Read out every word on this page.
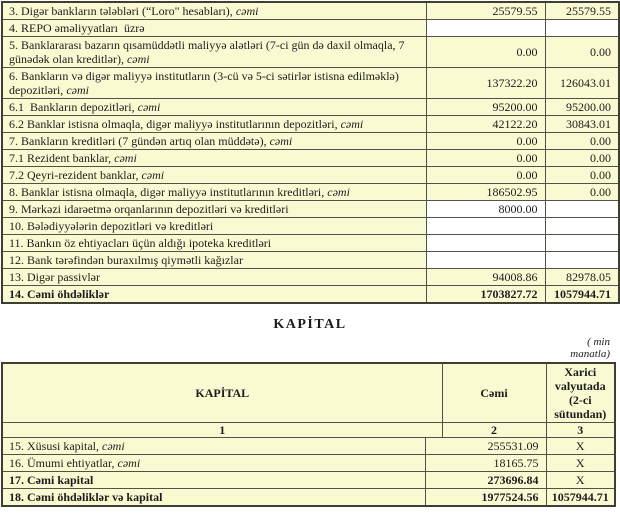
3. Digər bankların tələbləri (“Loro" hesabları), cəmi	25579.55	25579.55
4. REPO əməliyyatları  üzrə		
5. Banklararası bazarın qısamüddətli maliyyə alətləri (7-ci gün də daxil olmaqla, 7 günədək olan kreditlər), cəmi	0.00	0.00
6. Bankların və digər maliyyə institutların (3-cü və 5-ci sətirlər istisna edilməklə) depozitləri, cəmi	137322.20	126043.01
6.1  Bankların depozitləri, cəmi	95200.00	95200.00
6.2 Banklar istisna olmaqla, digər maliyyə institutlarının depozitləri, cəmi	42122.20	30843.01
7. Bankların kreditləri (7 gündən artıq olan müddətə), cəmi	0.00	0.00
7.1 Rezident banklar, cəmi	0.00	0.00
7.2 Qeyri-rezident banklar, cəmi	0.00	0.00
8. Banklar istisna olmaqla, digər maliyyə institutlarının kreditləri, cəmi	186502.95	0.00
9. Mərkəzi idarəetmə orqanlarının depozitləri və kreditləri	8000.00	
10. Bələdiyyələrin depozitləri və kreditləri		
11. Bankın öz ehtiyacları üçün aldığı ipoteka kreditləri		
12. Bank tərəfindən buraxılmış qiymətli kağızlar		
13. Digər passivlər	94008.86	82978.05
14. Cəmi öhdəliklər	1703827.72	1057944.71
KAPİTAL
( min
manatla)
KAPİTAL		Cəmi	Xarici valyutada (2-ci sütundan)
1		2	3
15. Xüsusi kapital, cəmi	255531.09		X
16. Ümumi ehtiyatlar, cəmi	18165.75		X
17. Cəmi kapital	273696.84		X
18. Cəmi öhdəliklər və kapital	1977524.56		1057944.71
